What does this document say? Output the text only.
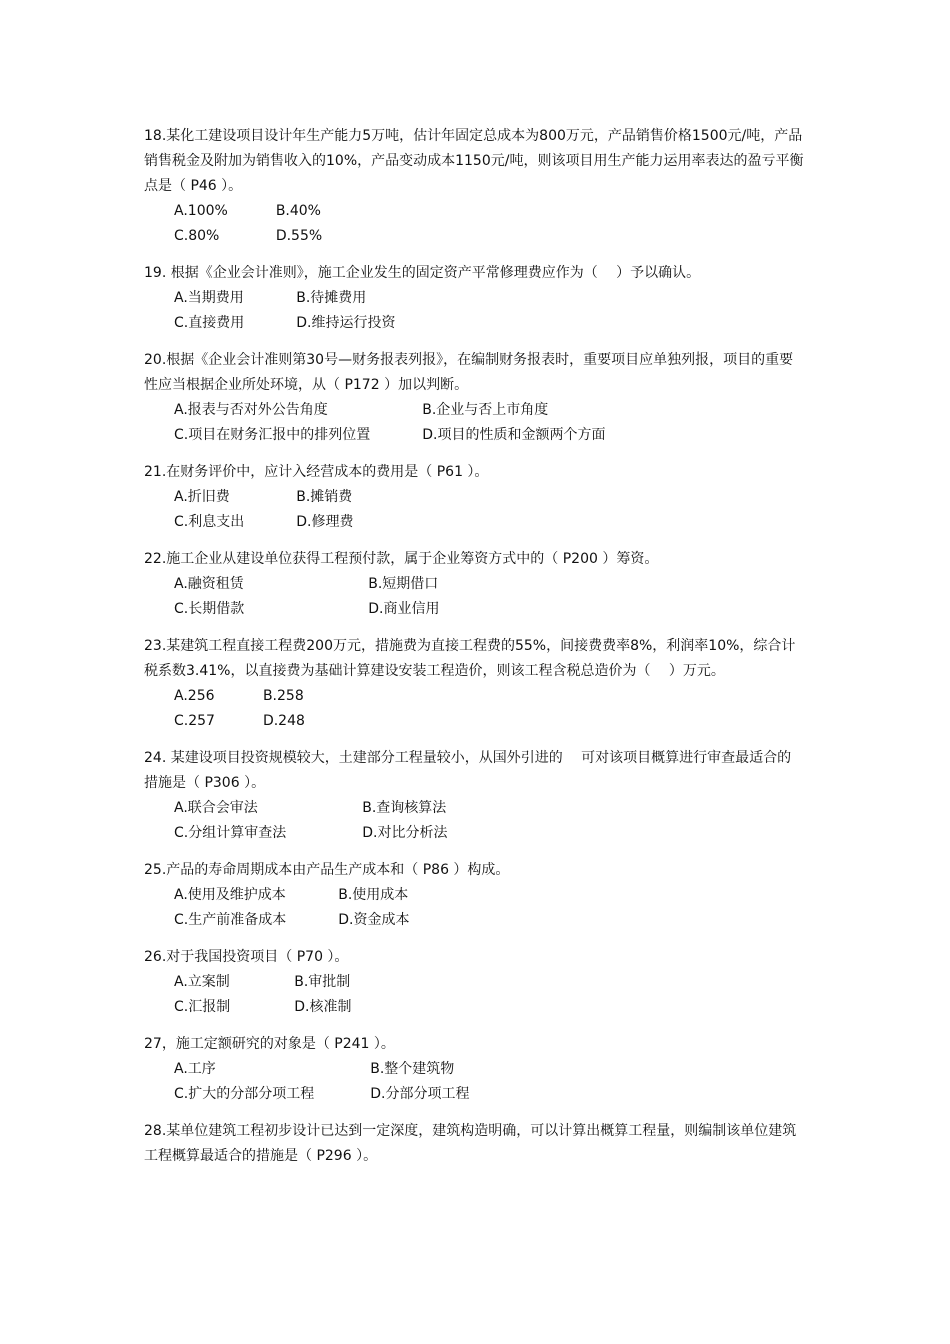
18.某化工建设项目设计年生产能力5万吨，估计年固定总成本为800万元，产品销售价格1500元/吨，产品销售税金及附加为销售收入的10%，产品变动成本1150元/吨，则该项目用生产能力运用率表达的盈亏平衡点是（ P46 ）。
A.100%	B.40%
C.80%	D.55%
19. 根据《企业会计准则》，施工企业发生的固定资产平常修理费应作为（　 ）予以确认。
A.当期费用	B.待摊费用
C.直接费用	D.维持运行投资
20.根据《企业会计准则第30号—财务报表列报》，在编制财务报表时，重要项目应单独列报，项目的重要性应当根据企业所处环境，从（ P172 ）加以判断。
A.报表与否对外公告角度	B.企业与否上市角度
C.项目在财务汇报中的排列位置	D.项目的性质和金额两个方面
21.在财务评价中，应计入经营成本的费用是（ P61 ）。
A.折旧费	B.摊销费
C.利息支出	D.修理费
22.施工企业从建设单位获得工程预付款，属于企业筹资方式中的（ P200 ）筹资。
A.融资租赁	B.短期借口
C.长期借款	D.商业信用
23.某建筑工程直接工程费200万元，措施费为直接工程费的55%，间接费费率8%，利润率10%，综合计税系数3.41%，以直接费为基础计算建设安装工程造价，则该工程含税总造价为（　 ）万元。
A.256	B.258
C.257	D.248
24. 某建设项目投资规模较大，土建部分工程量较小，从国外引进的　 可对该项目概算进行审查最适合的措施是（ P306 ）。
A.联合会审法	B.查询核算法
C.分组计算审查法	D.对比分析法
25.产品的寿命周期成本由产品生产成本和（ P86 ）构成。
A.使用及维护成本	B.使用成本
C.生产前准备成本	D.资金成本
26.对于我国投资项目（ P70 ）。
A.立案制	B.审批制
C.汇报制	D.核准制
27，施工定额研究的对象是（ P241 ）。
A.工序	B.整个建筑物
C.扩大的分部分项工程	D.分部分项工程
28.某单位建筑工程初步设计已达到一定深度，建筑构造明确，可以计算出概算工程量，则编制该单位建筑工程概算最适合的措施是（ P296 ）。
